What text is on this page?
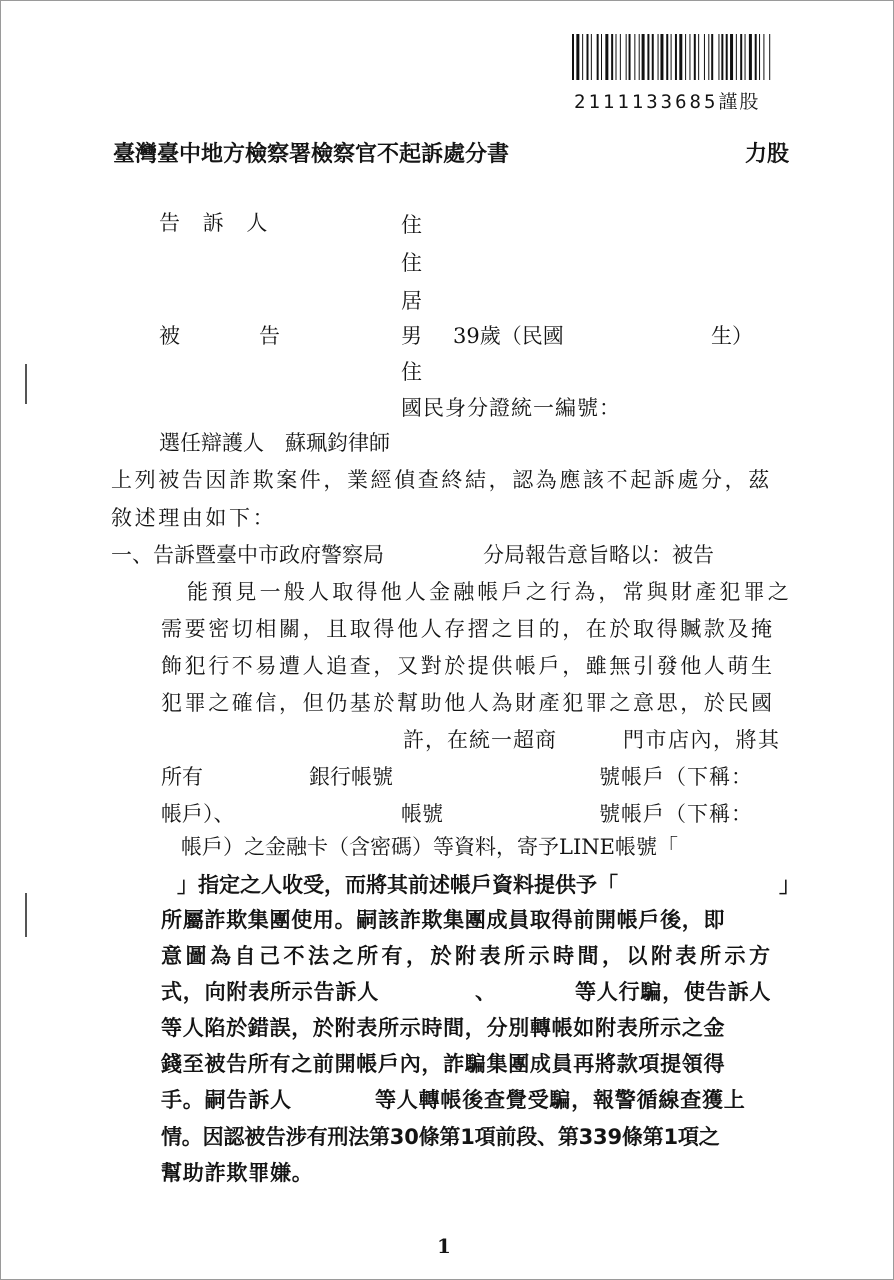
2111133685謹股
臺灣臺中地方檢察署檢察官不起訴處分書	力股
告 訴 人	住
住
居
被　　　告	男 39歲（民國	生）
住
國民身分證統一編號：
選任辯護人　蘇珮鈞律師
上列被告因詐欺案件，業經偵查終結，認為應該不起訴處分，茲
敘述理由如下：
一、告訴暨臺中市政府警察局	分局報告意旨略以：被告
能預見一般人取得他人金融帳戶之行為，常與財產犯罪之
需要密切相關，且取得他人存摺之目的，在於取得贓款及掩
飾犯行不易遭人追查，又對於提供帳戶，雖無引發他人萌生
犯罪之確信，但仍基於幫助他人為財產犯罪之意思，於民國
許，在統一超商	門市店內，將其
所有	銀行帳號	號帳戶（下稱：
帳戶）、	帳號	號帳戶（下稱：
帳戶）之金融卡（含密碼）等資料，寄予LINE帳號「
」指定之人收受，而將其前述帳戶資料提供予「	」
所屬詐欺集團使用。嗣該詐欺集團成員取得前開帳戶後，即
意圖為自己不法之所有，於附表所示時間，以附表所示方
式，向附表所示告訴人	、	等人行騙，使告訴人
等人陷於錯誤，於附表所示時間，分別轉帳如附表所示之金
錢至被告所有之前開帳戶內，詐騙集團成員再將款項提領得
手。嗣告訴人	等人轉帳後查覺受騙，報警循線查獲上
情。因認被告涉有刑法第30條第1項前段、第339條第1項之
幫助詐欺罪嫌。
1
